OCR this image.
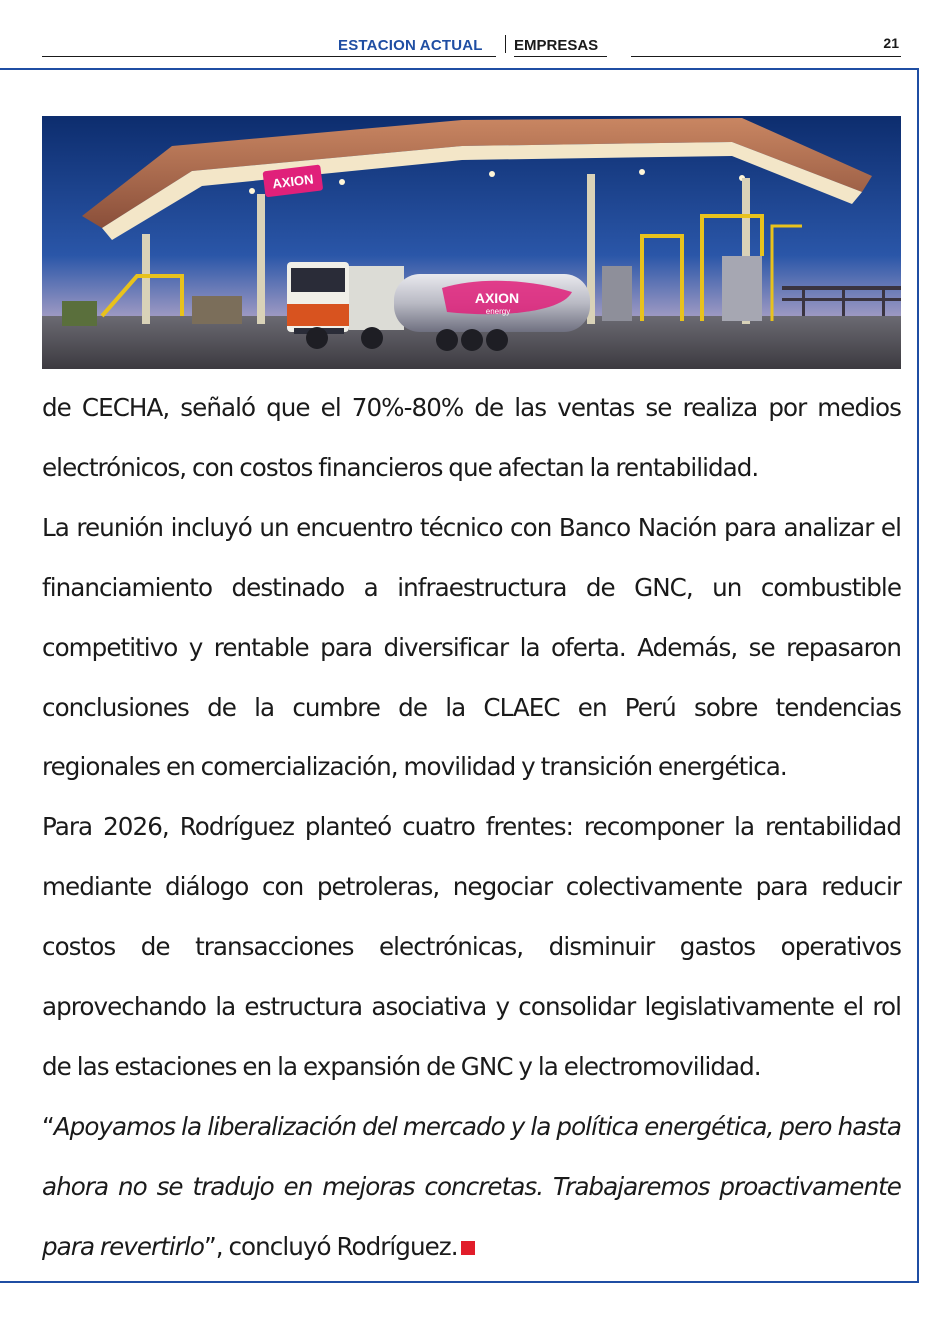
ESTACION ACTUAL EMPRESAS	21
AXION
AXION
energy

de CECHA, señaló que el 70%-80% de las ventas se realiza por medios electrónicos, con costos financieros que afectan la rentabilidad.

La reunión incluyó un encuentro técnico con Banco Nación para analizar el financiamiento destinado a infraestructura de GNC, un combustible competitivo y rentable para diversificar la oferta. Además, se repasaron conclusiones de la cumbre de la CLAEC en Perú sobre tendencias regionales en comercialización, movilidad y transición energética.

Para 2026, Rodríguez planteó cuatro frentes: recomponer la rentabilidad mediante diálogo con petroleras, negociar colectivamente para reducir costos de transacciones electrónicas, disminuir gastos operativos aprovechando la estructura asociativa y consolidar legislativamente el rol de las estaciones en la expansión de GNC y la electromovilidad.

“Apoyamos la liberalización del mercado y la política energética, pero hasta ahora no se tradujo en mejoras concretas. Trabajaremos proactivamente para revertirlo”, concluyó Rodríguez.
